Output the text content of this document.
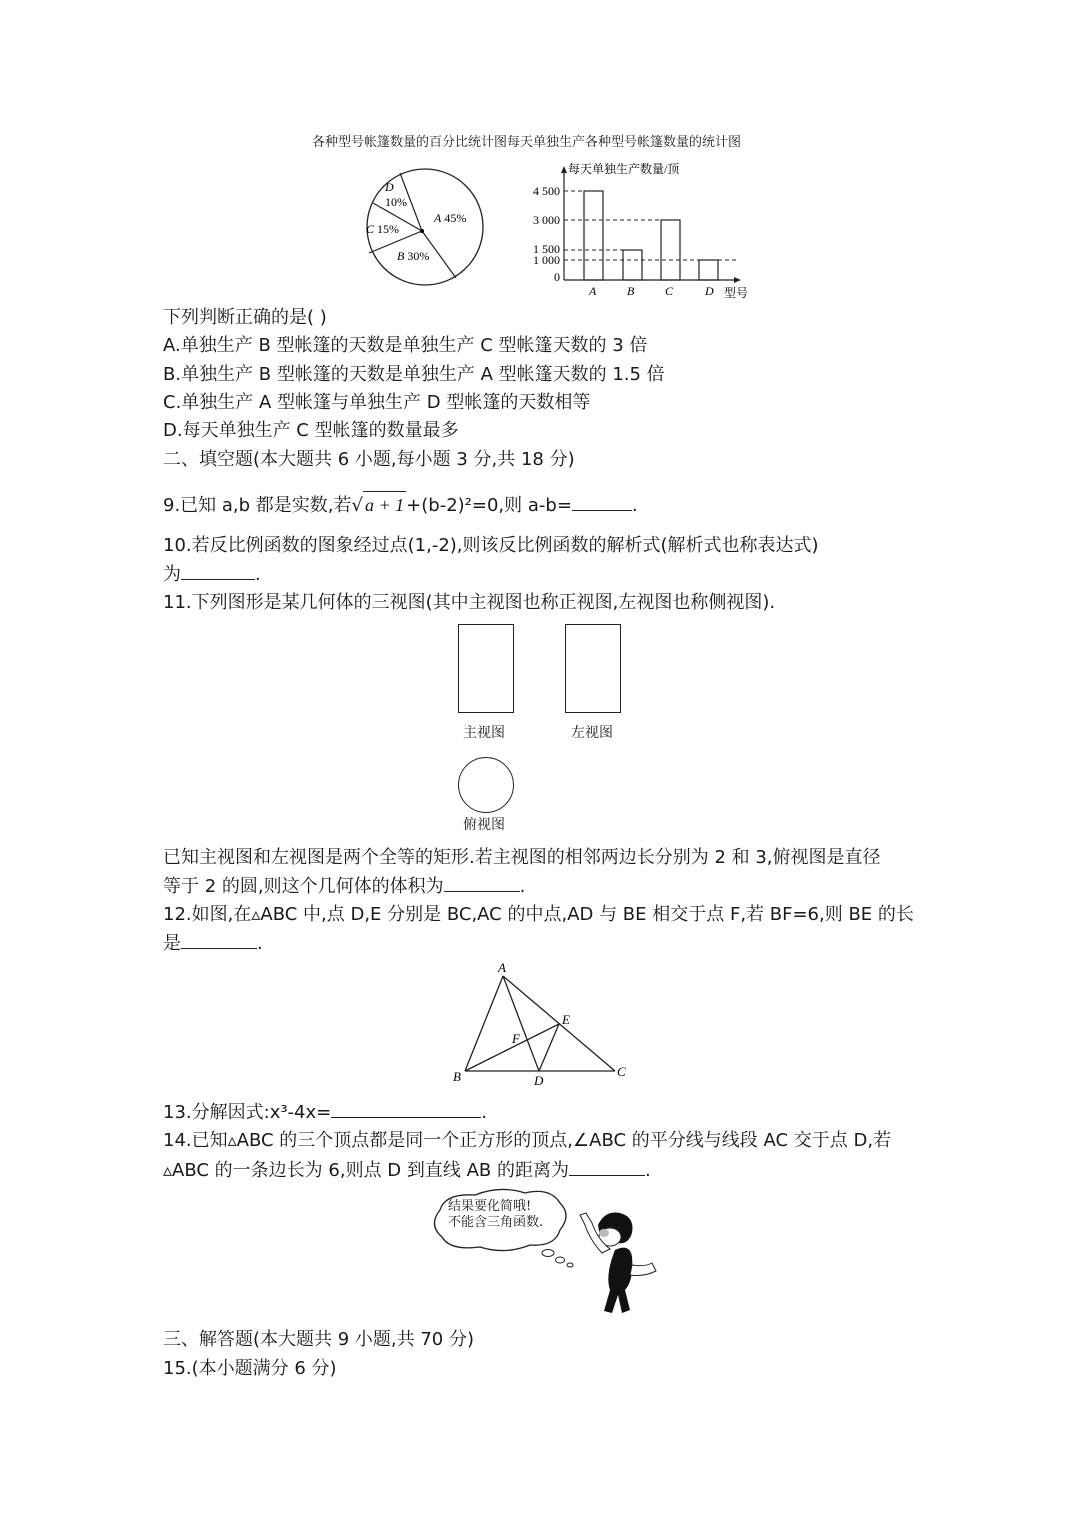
各种型号帐篷数量的百分比统计图每天单独生产各种型号帐篷数量的统计图
D
10%
A 45%
C 15%
B 30%
每天单独生产数量/顶
4 500
3 000
1 500
1 000
0
A	B	C	D 型号
下列判断正确的是( )
A.单独生产 B 型帐篷的天数是单独生产 C 型帐篷天数的 3 倍
B.单独生产 B 型帐篷的天数是单独生产 A 型帐篷天数的 1.5 倍
C.单独生产 A 型帐篷与单独生产 D 型帐篷的天数相等
D.每天单独生产 C 型帐篷的数量最多
二、填空题(本大题共 6 小题,每小题 3 分,共 18 分)
9.已知 a,b 都是实数,若√ a + 1 +(b-2)²=0,则 a-b=	.
10.若反比例函数的图象经过点(1,-2),则该反比例函数的解析式(解析式也称表达式)
为	.
11.下列图形是某几何体的三视图(其中主视图也称正视图,左视图也称侧视图).
主视图	左视图
俯视图
已知主视图和左视图是两个全等的矩形.若主视图的相邻两边长分别为 2 和 3,俯视图是直径
等于 2 的圆,则这个几何体的体积为	.
12.如图,在▵ABC 中,点 D,E 分别是 BC,AC 的中点,AD 与 BE 相交于点 F,若 BF=6,则 BE 的长
是	.
A
B	C
D
E
F
13.分解因式:x³-4x=	.
14.已知▵ABC 的三个顶点都是同一个正方形的顶点,∠ABC 的平分线与线段 AC 交于点 D,若
▵ABC 的一条边长为 6,则点 D 到直线 AB 的距离为	.
结果要化简哦!
不能含三角函数.
三、解答题(本大题共 9 小题,共 70 分)
15.(本小题满分 6 分)
